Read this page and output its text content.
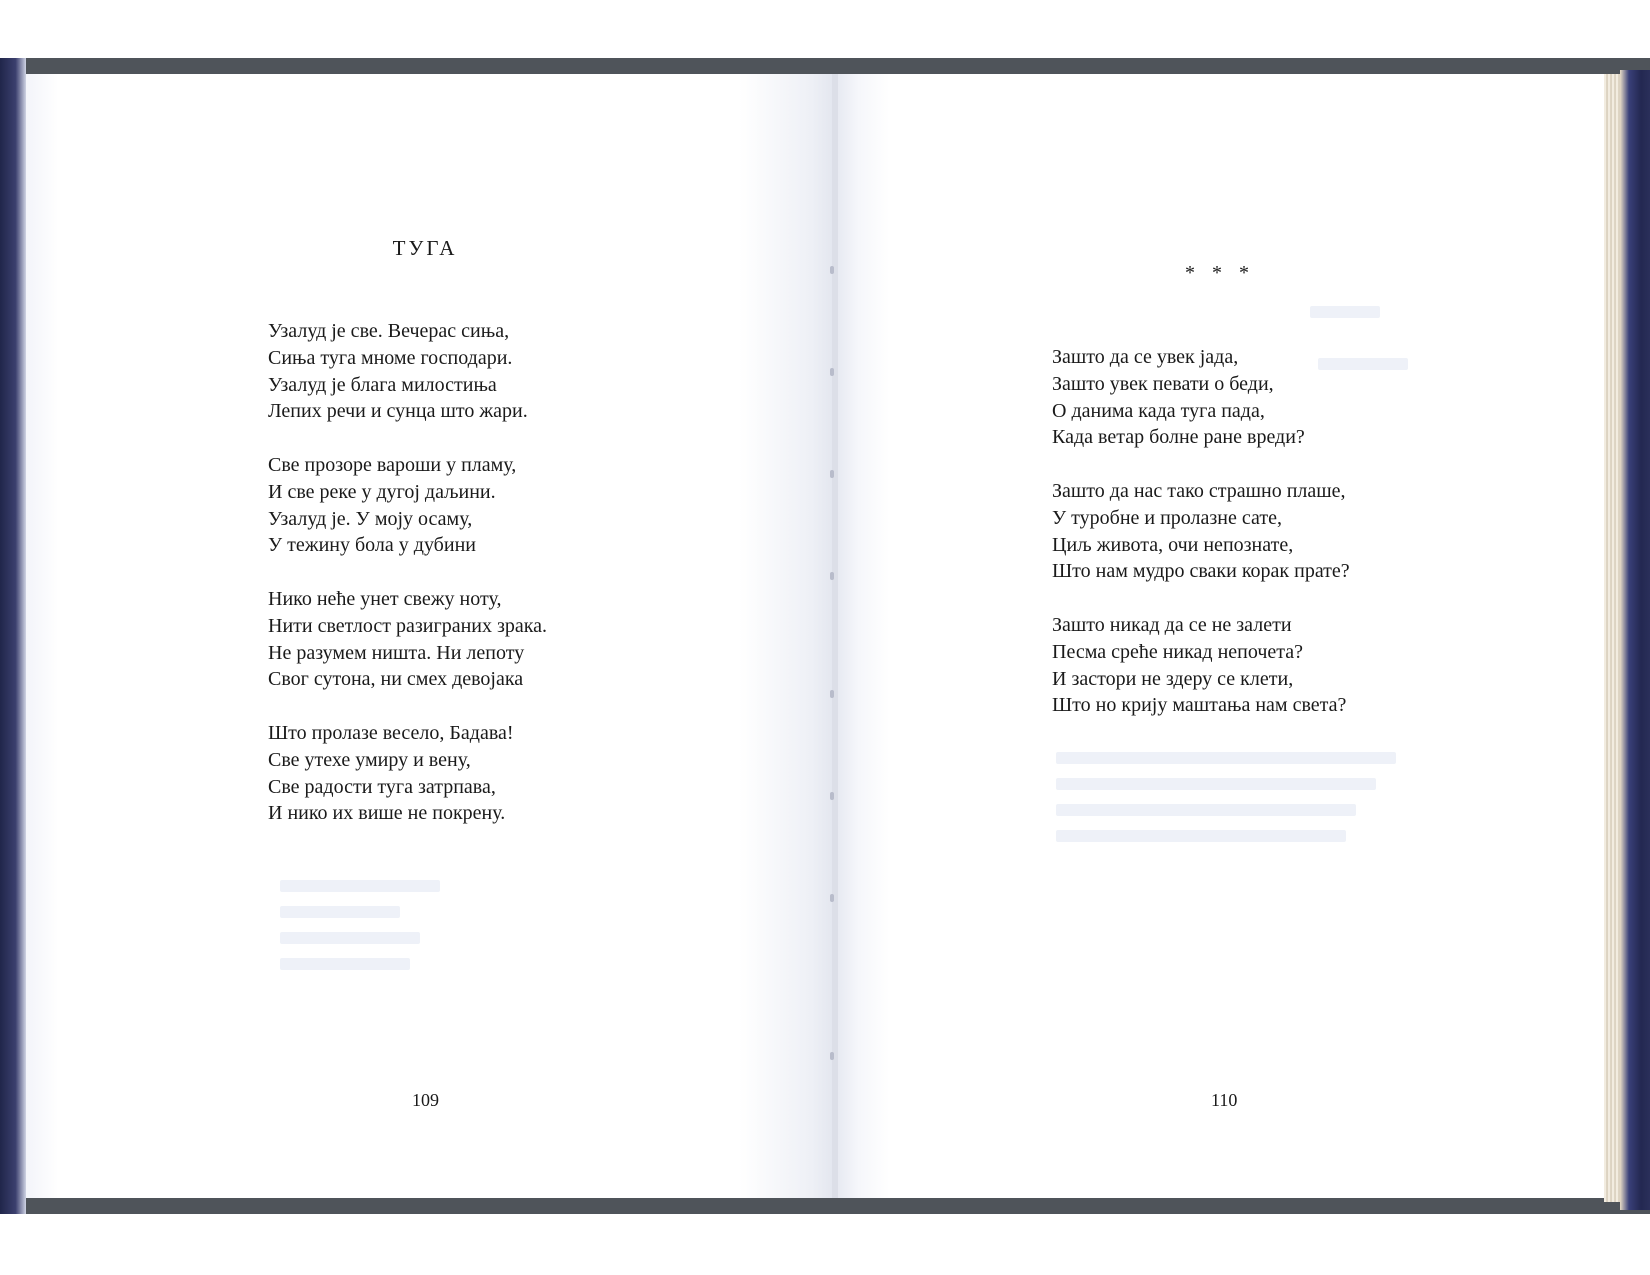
ТУГА
Узалуд је све. Вечерас сиња,
Сиња туга мноме господари.
Узалуд је блага милостиња
Лепих речи и сунца што жари.
Све прозоре вароши у пламу,
И све реке у дугој даљини.
Узалуд је. У моју осаму,
У тежину бола у дубини
Нико неће унет свежу ноту,
Нити светлост разиграних зрака.
Не разумем ништа. Ни лепоту
Свог сутона, ни смех девојака
Што пролазе весело, Бадава!
Све утехе умиру и вену,
Све радости туга затрпава,
И нико их више не покрену.
109
* * *
Зашто да се увек јада,
Зашто увек певати о беди,
О данима када туга пада,
Када ветар болне ране вреди?
Зашто да нас тако страшно плаше,
У туробне и пролазне сате,
Циљ живота, очи непознате,
Што нам мудро сваки корак прате?
Зашто никад да се не залети
Песма среће никад непочета?
И застори не здеру се клети,
Што но крију маштања нам света?
110
